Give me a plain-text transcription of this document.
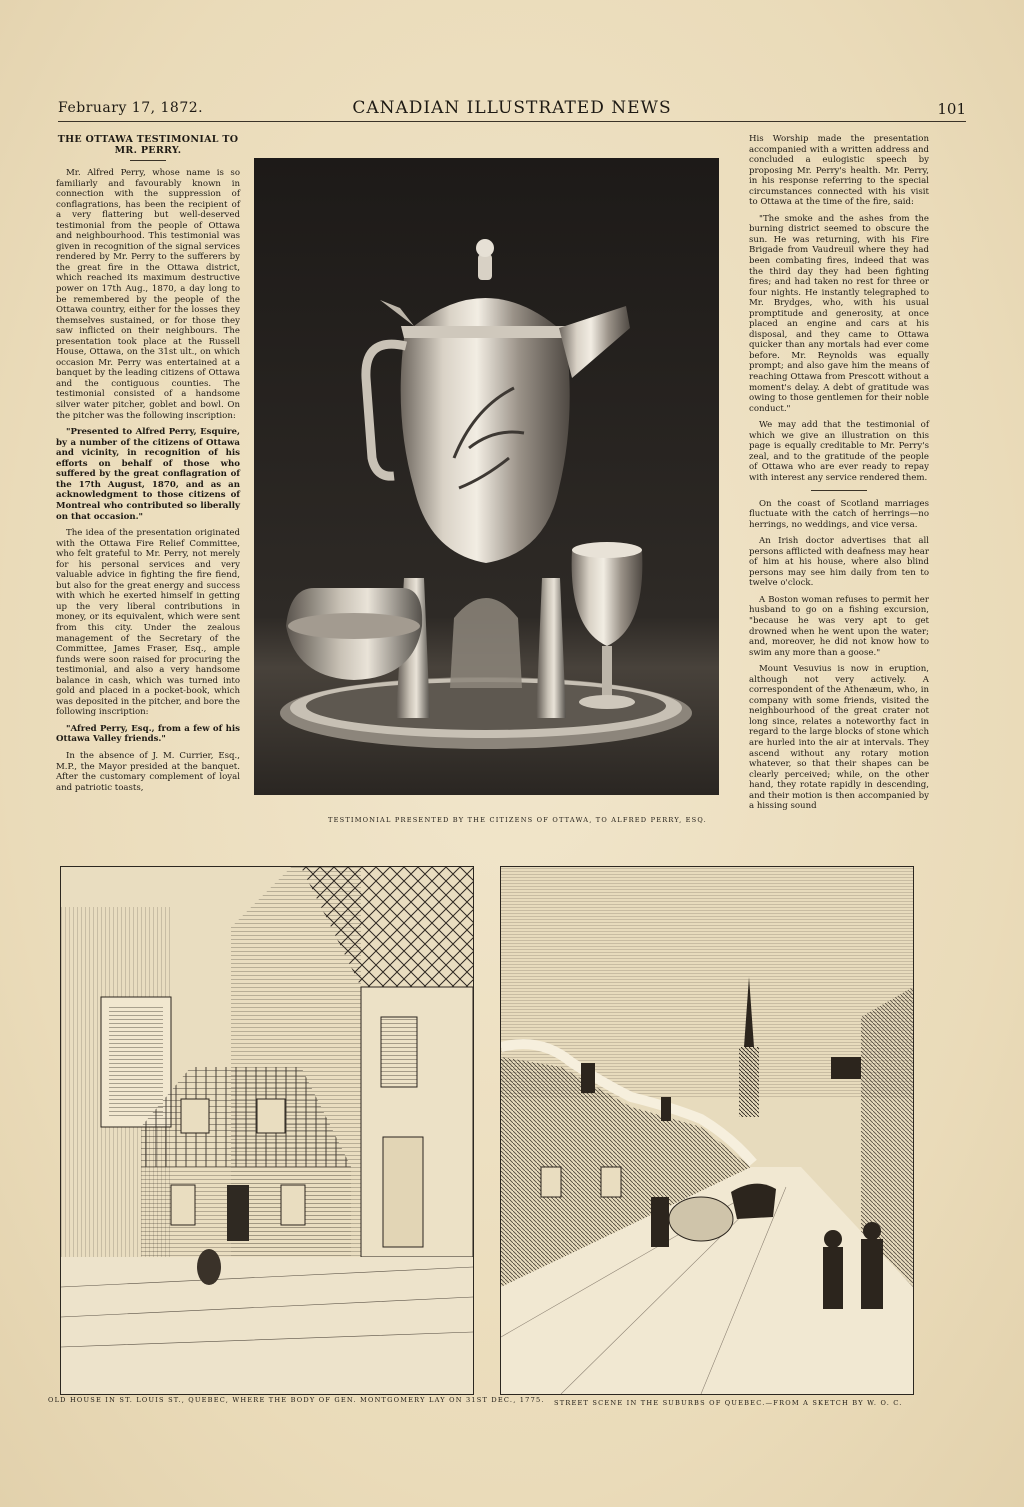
February 17, 1872.	CANADIAN ILLUSTRATED NEWS	101
THE OTTAWA TESTIMONIAL TO
MR. PERRY.

Mr. Alfred Perry, whose name is so familiarly and favourably known in connection with the suppression of conflagrations, has been the recipient of a very flattering but well-deserved testimonial from the people of Ottawa and neighbourhood. This testimonial was given in recognition of the signal services rendered by Mr. Perry to the sufferers by the great fire in the Ottawa district, which reached its maximum destructive power on 17th Aug., 1870, a day long to be remembered by the people of the Ottawa country, either for the losses they themselves sustained, or for those they saw inflicted on their neighbours. The presentation took place at the Russell House, Ottawa, on the 31st ult., on which occasion Mr. Perry was entertained at a banquet by the leading citizens of Ottawa and the contiguous counties. The testimonial consisted of a handsome silver water pitcher, goblet and bowl. On the pitcher was the following inscription:

"Presented to Alfred Perry, Esquire, by a number of the citizens of Ottawa and vicinity, in recognition of his efforts on behalf of those who suffered by the great conflagration of the 17th August, 1870, and as an acknowledgment to those citizens of Montreal who contributed so liberally on that occasion."

The idea of the presentation originated with the Ottawa Fire Relief Committee, who felt grateful to Mr. Perry, not merely for his personal services and very valuable advice in fighting the fire fiend, but also for the great energy and success with which he exerted himself in getting up the very liberal contributions in money, or its equivalent, which were sent from this city. Under the zealous management of the Secretary of the Committee, James Fraser, Esq., ample funds were soon raised for procuring the testimonial, and also a very handsome balance in cash, which was turned into gold and placed in a pocket-book, which was deposited in the pitcher, and bore the following inscription:

"Afred Perry, Esq., from a few of his Ottawa Valley friends."

In the absence of J. M. Currier, Esq., M.P., the Mayor presided at the banquet. After the customary complement of loyal and patriotic toasts,

TESTIMONIAL PRESENTED BY THE CITIZENS OF OTTAWA, TO ALFRED PERRY, ESQ.

His Worship made the presentation accompanied with a written address and concluded a eulogistic speech by proposing Mr. Perry's health. Mr. Perry, in his response referring to the special circumstances connected with his visit to Ottawa at the time of the fire, said:

"The smoke and the ashes from the burning district seemed to obscure the sun. He was returning, with his Fire Brigade from Vaudreuil where they had been combating fires, indeed that was the third day they had been fighting fires; and had taken no rest for three or four nights. He instantly telegraphed to Mr. Brydges, who, with his usual promptitude and generosity, at once placed an engine and cars at his disposal, and they came to Ottawa quicker than any mortals had ever come before. Mr. Reynolds was equally prompt; and also gave him the means of reaching Ottawa from Prescott without a moment's delay. A debt of gratitude was owing to those gentlemen for their noble conduct."

We may add that the testimonial of which we give an illustration on this page is equally creditable to Mr. Perry's zeal, and to the gratitude of the people of Ottawa who are ever ready to repay with interest any service rendered them.

On the coast of Scotland marriages fluctuate with the catch of herrings—no herrings, no weddings, and vice versa.

An Irish doctor advertises that all persons afflicted with deafness may hear of him at his house, where also blind persons may see him daily from ten to twelve o'clock.

A Boston woman refuses to permit her husband to go on a fishing excursion, "because he was very apt to get drowned when he went upon the water; and, moreover, he did not know how to swim any more than a goose."

Mount Vesuvius is now in eruption, although not very actively. A correspondent of the Athenæum, who, in company with some friends, visited the neighbourhood of the great crater not long since, relates a noteworthy fact in regard to the large blocks of stone which are hurled into the air at intervals. They ascend without any rotary motion whatever, so that their shapes can be clearly perceived; while, on the other hand, they rotate rapidly in descending, and their motion is then accompanied by a hissing sound

OLD HOUSE IN ST. LOUIS ST., QUEBEC, WHERE THE BODY OF GEN. MONTGOMERY LAY ON 31ST DEC., 1775. STREET SCENE IN THE SUBURBS OF QUEBEC.—FROM A SKETCH BY W. O. C.
